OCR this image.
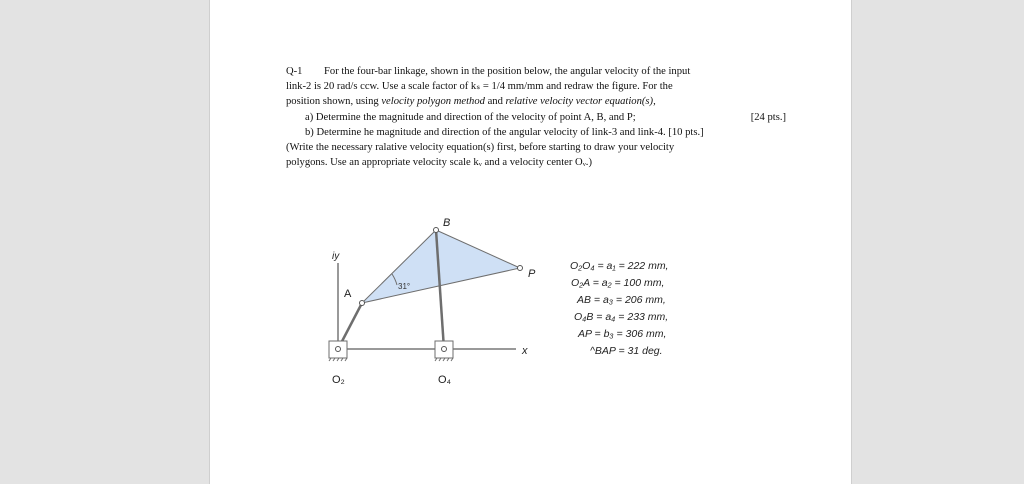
Q-1	For the four-bar linkage, shown in the position below, the angular velocity of the input
link-2 is 20 rad/s ccw. Use a scale factor of kₛ = 1/4 mm/mm and redraw the figure. For the
position shown, using velocity polygon method and relative velocity vector equation(s),
a) Determine the magnitude and direction of the velocity of point A, B, and P;	[24 pts.]
b) Determine he magnitude and direction of the angular velocity of link-3 and link-4. [10 pts.]
(Write the necessary ralative velocity equation(s) first, before starting to draw your velocity
polygons. Use an appropriate velocity scale kᵥ and a velocity center Oᵥ.)
B
iy
P
A
31°
x
O₂	O₄
O₂O₄ = a₁ = 222 mm,
O₂A = a₂ = 100 mm,
AB = a₃ = 206 mm,
O₄B = a₄ = 233 mm,
AP = b₃ = 306 mm,
^BAP = 31 deg.
